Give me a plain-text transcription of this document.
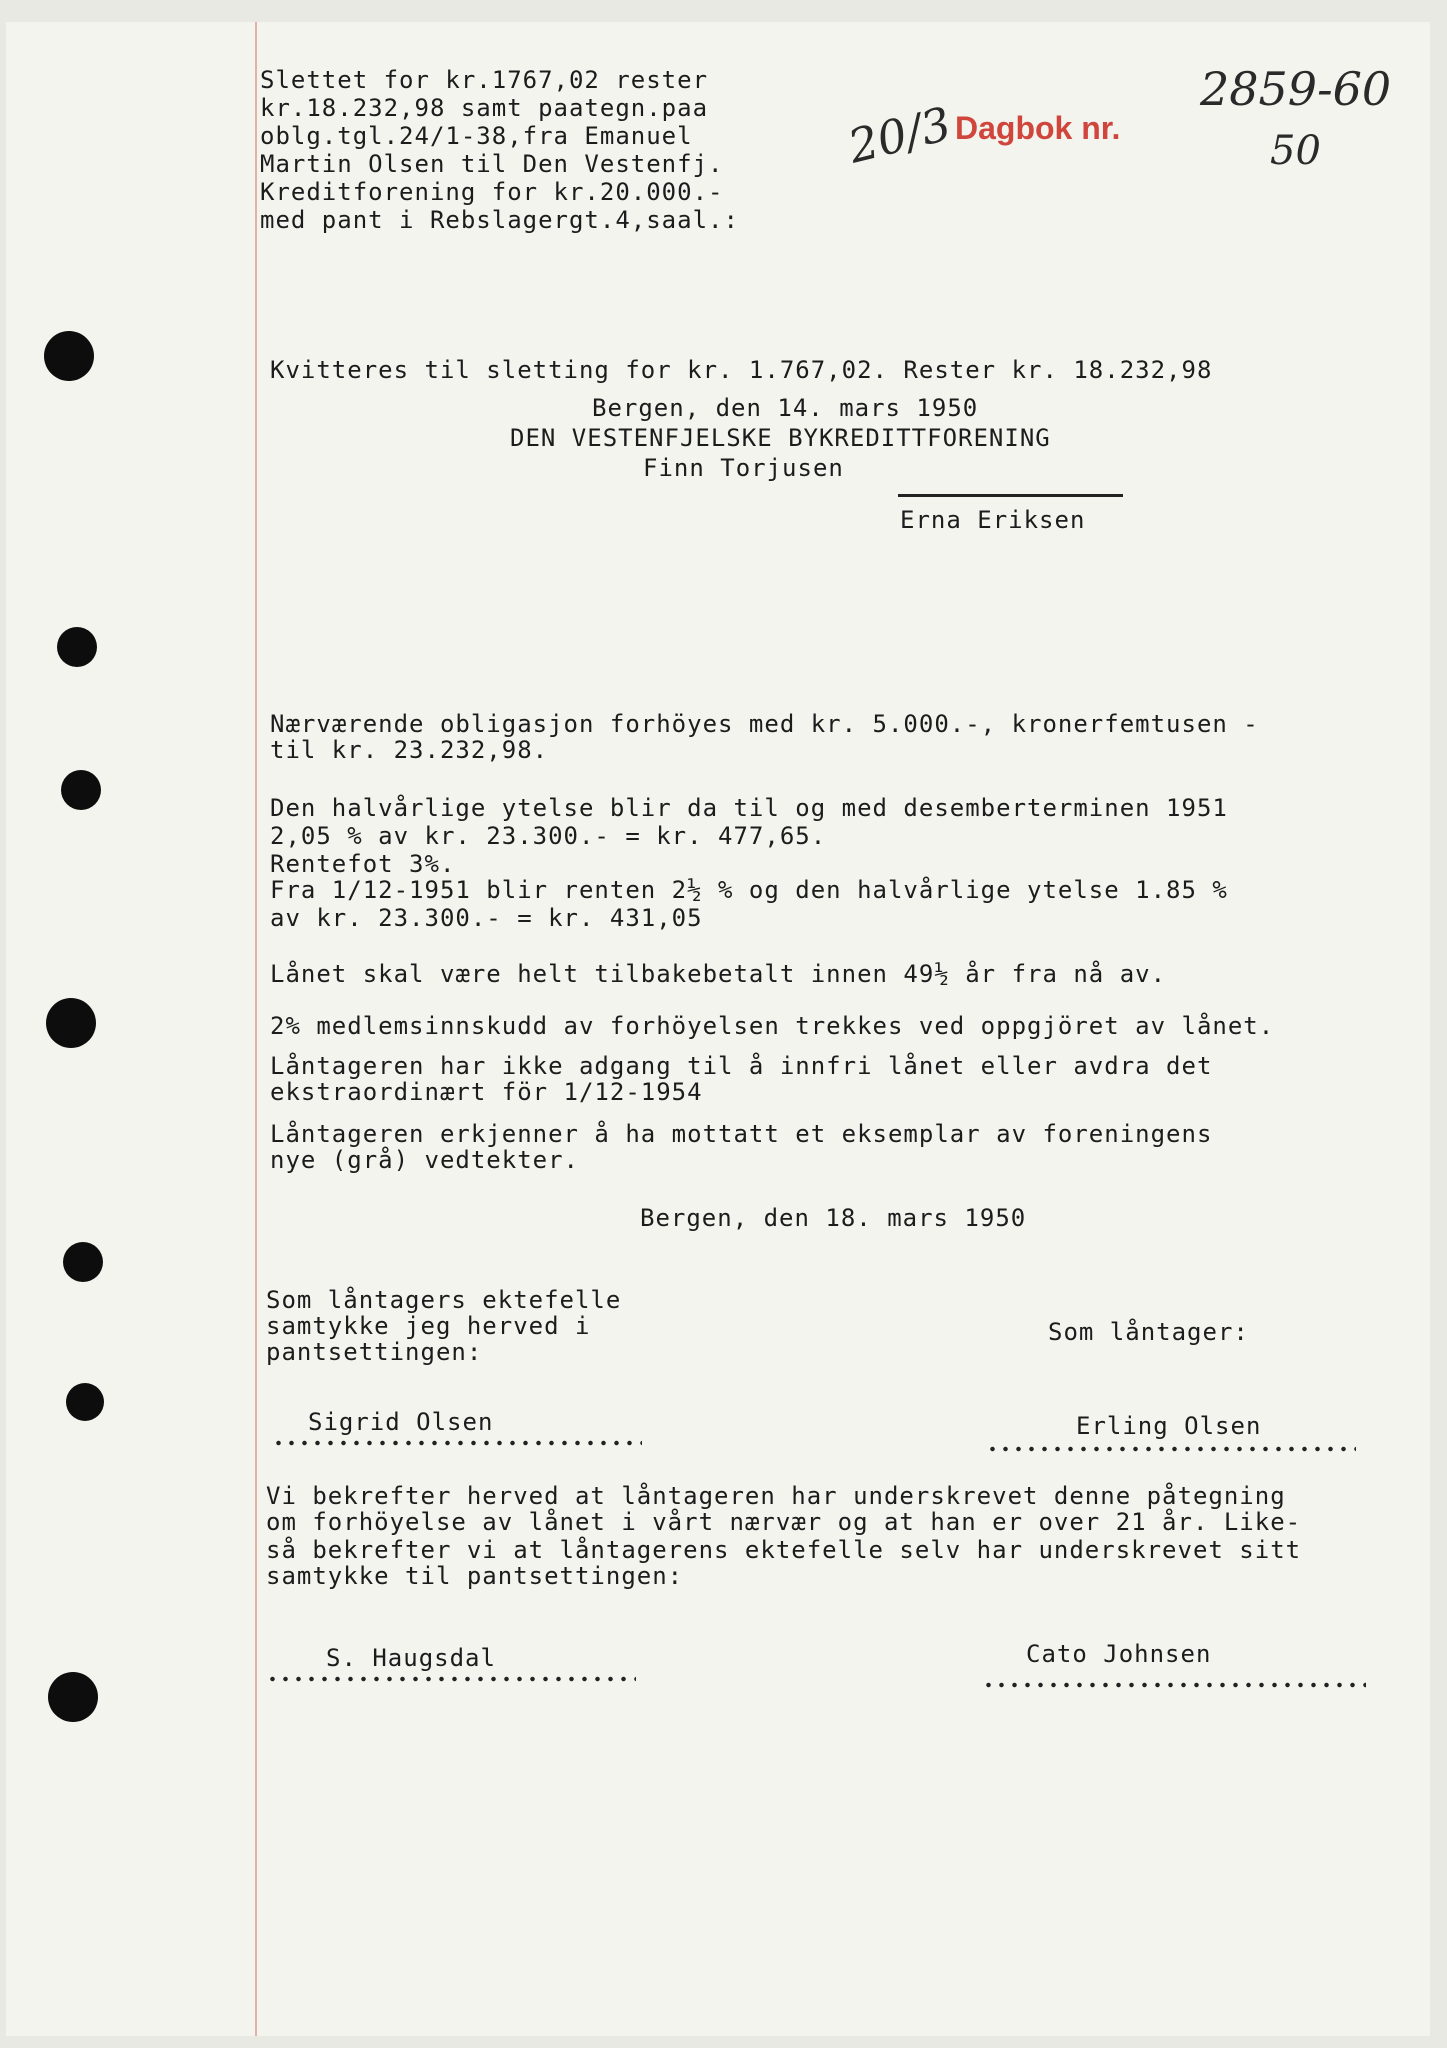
Slettet for kr.1767,02 rester
kr.18.232,98 samt paategn.paa
oblg.tgl.24/1-38,fra Emanuel
Martin Olsen til Den Vestenfj.
Kreditforening for kr.20.000.-
med pant i Rebslagergt.4,saal.:
20/3
Dagbok nr.
2859-60
50
Kvitteres til sletting for kr. 1.767,02. Rester kr. 18.232,98
Bergen, den 14. mars 1950
DEN VESTENFJELSKE BYKREDITTFORENING
Finn Torjusen
Erna Eriksen
Nærværende obligasjon forhöyes med kr. 5.000.-, kronerfemtusen -
til kr. 23.232,98.
Den halvårlige ytelse blir da til og med desemberterminen 1951
2,05 % av kr. 23.300.- = kr. 477,65.
Rentefot 3%.
Fra 1/12-1951 blir renten 2½ % og den halvårlige ytelse 1.85 %
av kr. 23.300.- = kr. 431,05
Lånet skal være helt tilbakebetalt innen 49½ år fra nå av.
2% medlemsinnskudd av forhöyelsen trekkes ved oppgjöret av lånet.
Låntageren har ikke adgang til å innfri lånet eller avdra det
ekstraordinært för 1/12-1954
Låntageren erkjenner å ha mottatt et eksemplar av foreningens
nye (grå) vedtekter.
Bergen, den 18. mars 1950
Som låntagers ektefelle
samtykke jeg herved i
pantsettingen:
Som låntager:
Sigrid Olsen	Erling Olsen
Vi bekrefter herved at låntageren har underskrevet denne påtegning
om forhöyelse av lånet i vårt nærvær og at han er over 21 år. Like-
så bekrefter vi at låntagerens ektefelle selv har underskrevet sitt
samtykke til pantsettingen:
S. Haugsdal	Cato Johnsen
